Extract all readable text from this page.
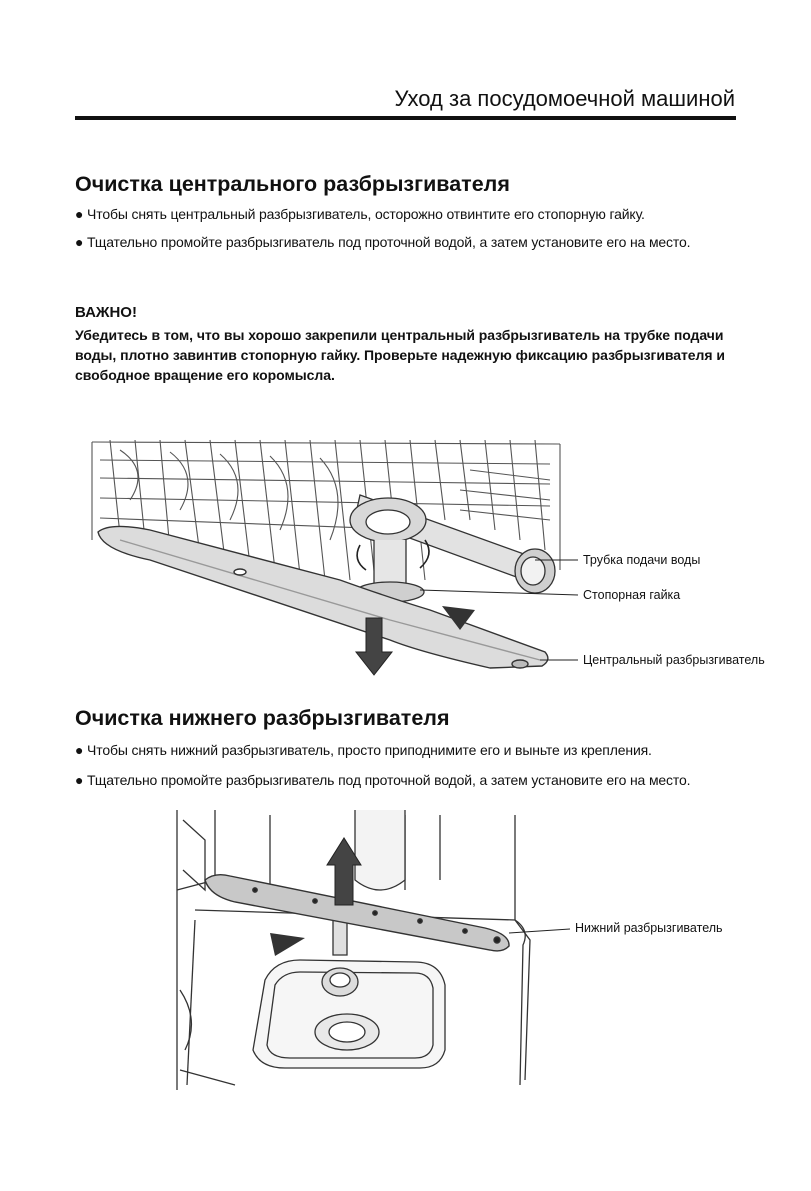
Уход за посудомоечной машиной
Очистка центрального разбрызгивателя
● Чтобы снять центральный разбрызгиватель, осторожно отвинтите его стопорную гайку.
● Тщательно промойте разбрызгиватель под проточной водой, а затем установите его на место.
ВАЖНО!
Убедитесь в том, что вы хорошо закрепили центральный разбрызгиватель на трубке подачи воды, плотно завинтив стопорную гайку. Проверьте надежную фиксацию разбрызгивателя и свободное вращение его коромысла.
Трубка подачи воды
Стопорная гайка
Центральный разбрызгиватель
Очистка нижнего разбрызгивателя
● Чтобы снять нижний разбрызгиватель, просто приподнимите его и выньте из крепления.
● Тщательно промойте разбрызгиватель под проточной водой, а затем установите его на место.
Нижний разбрызгиватель
